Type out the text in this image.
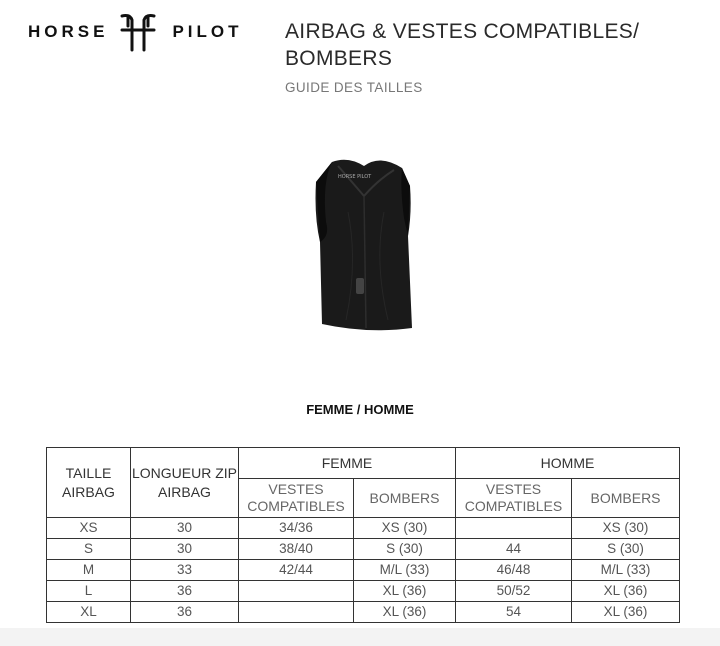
HORSE	PILOT AIRBAG & VESTES COMPATIBLES/ BOMBERS
GUIDE DES TAILLES
HORSE PILOT
FEMME / HOMME
TAILLE AIRBAG	LONGUEUR ZIP AIRBAG	FEMME		HOMME	
		VESTES COMPATIBLES	BOMBERS	VESTES COMPATIBLES	BOMBERS
XS	30	34/36	XS (30)		XS (30)
S	30	38/40	S (30)	44	S (30)
M	33	42/44	M/L (33)	46/48	M/L (33)
L	36		XL (36)	50/52	XL (36)
XL	36		XL (36)	54	XL (36)
